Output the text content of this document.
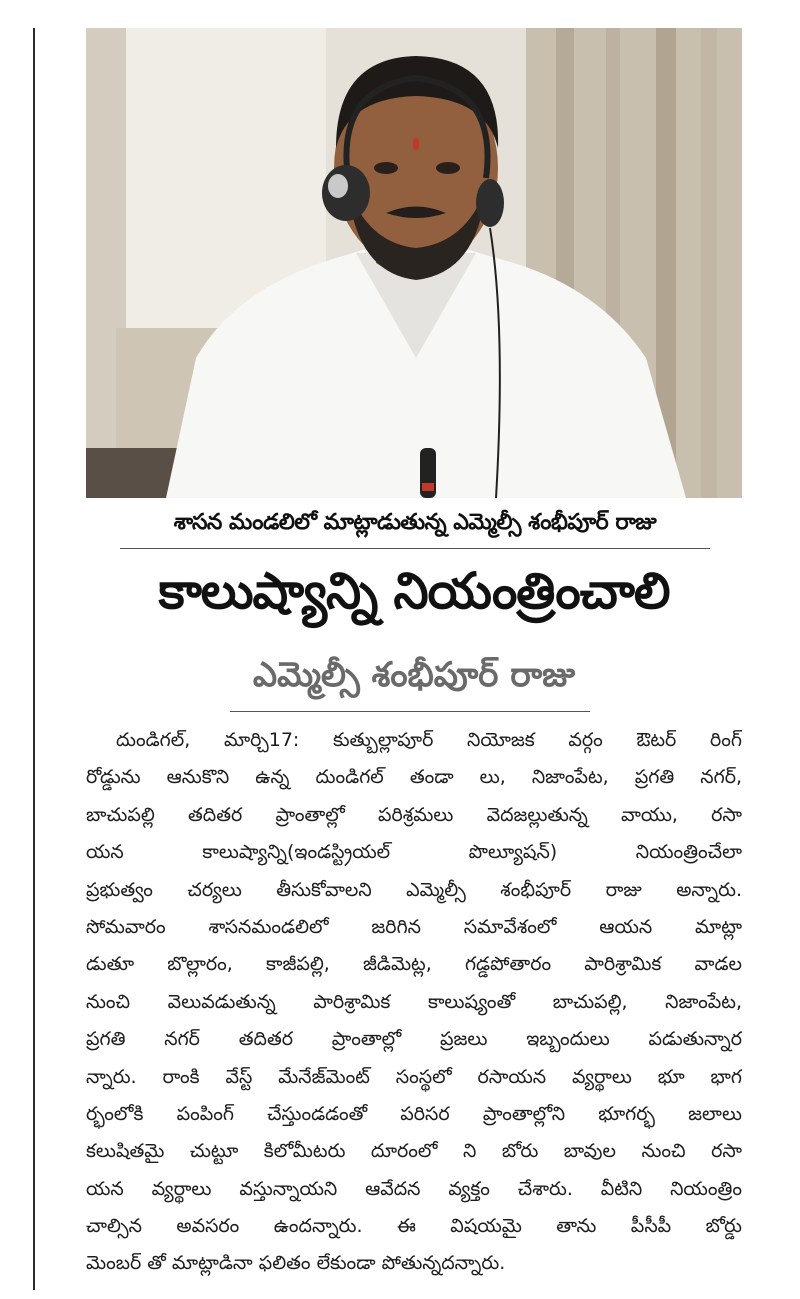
శాసన మండలిలో మాట్లాడుతున్న ఎమ్మెల్సీ శంభీపూర్ రాజు
కాలుష్యాన్ని నియంత్రించాలి
ఎమ్మెల్సీ శంభీపూర్ రాజు
దుండిగల్, మార్చి17: కుత్బుల్లాపూర్ నియోజక వర్గం ఔటర్ రింగ్
రోడ్డును ఆనుకొని ఉన్న దుండిగల్ తండా లు, నిజాంపేట, ప్రగతి నగర్,
బాచుపల్లి తదితర ప్రాంతాల్లో పరిశ్రమలు వెదజల్లుతున్న వాయు, రసా
యన కాలుష్యాన్ని(ఇండస్ట్రియల్ పొల్యూషన్) నియంత్రించేలా
ప్రభుత్వం చర్యలు తీసుకోవాలని ఎమ్మెల్సీ శంభీపూర్ రాజు అన్నారు.
సోమవారం శాసనమండలిలో జరిగిన సమావేశంలో ఆయన మాట్లా
డుతూ బొల్లారం, కాజీపల్లి, జీడిమెట్ల, గడ్డపోతారం పారిశ్రామిక వాడల
నుంచి వెలువడుతున్న పారిశ్రామిక కాలుష్యంతో బాచుపల్లి, నిజాంపేట,
ప్రగతి నగర్ తదితర ప్రాంతాల్లో ప్రజలు ఇబ్బందులు పడుతున్నార
న్నారు. రాంకి వేస్ట్ మేనేజ్‌మెంట్ సంస్థలో రసాయన వ్యర్థాలు భూ భాగ
ర్భంలోకి పంపింగ్ చేస్తుండడంతో పరిసర ప్రాంతాల్లోని భూగర్భ జలాలు
కలుషితమై చుట్టూ కిలోమీటరు దూరంలో ని బోరు బావుల నుంచి రసా
యన వ్యర్థాలు వస్తున్నాయని ఆవేదన వ్యక్తం చేశారు. వీటిని నియంత్రిం
చాల్సిన అవసరం ఉందన్నారు. ఈ విషయమై తాను పీసీపీ బోర్డు
మెంబర్ తో మాట్లాడినా ఫలితం లేకుండా పోతున్నదన్నారు.
